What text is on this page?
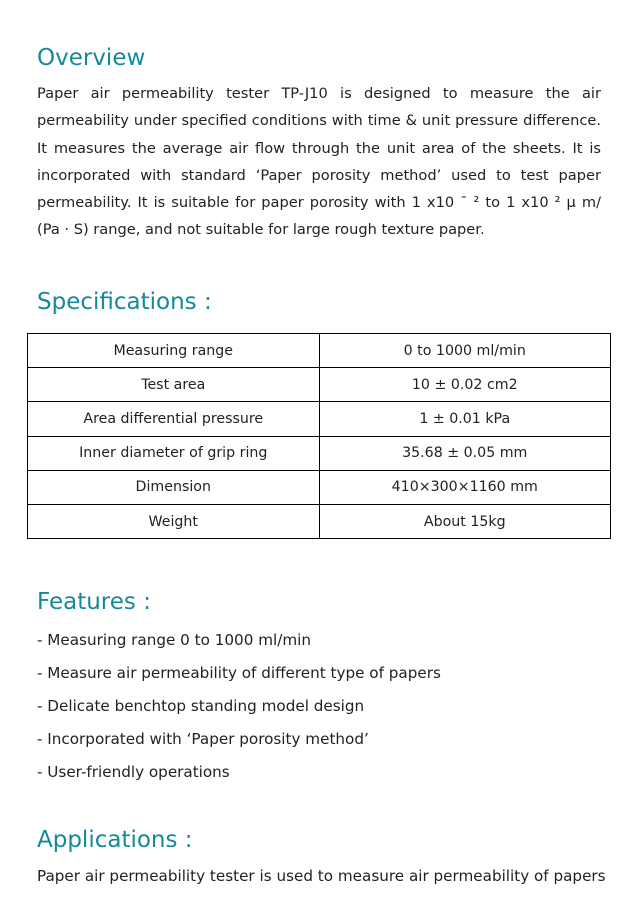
Overview

Paper air permeability tester TP-J10 is designed to measure the air permeability under specified conditions with time & unit pressure difference. It measures the average air flow through the unit area of the sheets. It is incorporated with standard ‘Paper porosity method’ used to test paper permeability. It is suitable for paper porosity with 1 x10 ¯ ² to 1 x10 ² μ m/ (Pa · S) range, and not suitable for large rough texture paper.

Specifications :
Measuring range	0 to 1000 ml/min
Test area	10 ± 0.02 cm2
Area differential pressure	1 ± 0.01 kPa
Inner diameter of grip ring	35.68 ± 0.05 mm
Dimension	410×300×1160 mm
Weight	About 15kg
Features :
- Measuring range 0 to 1000 ml/min
- Measure air permeability of different type of papers
- Delicate benchtop standing model design
- Incorporated with ‘Paper porosity method’
- User-friendly operations
Applications :

Paper air permeability tester is used to measure air permeability of papers
